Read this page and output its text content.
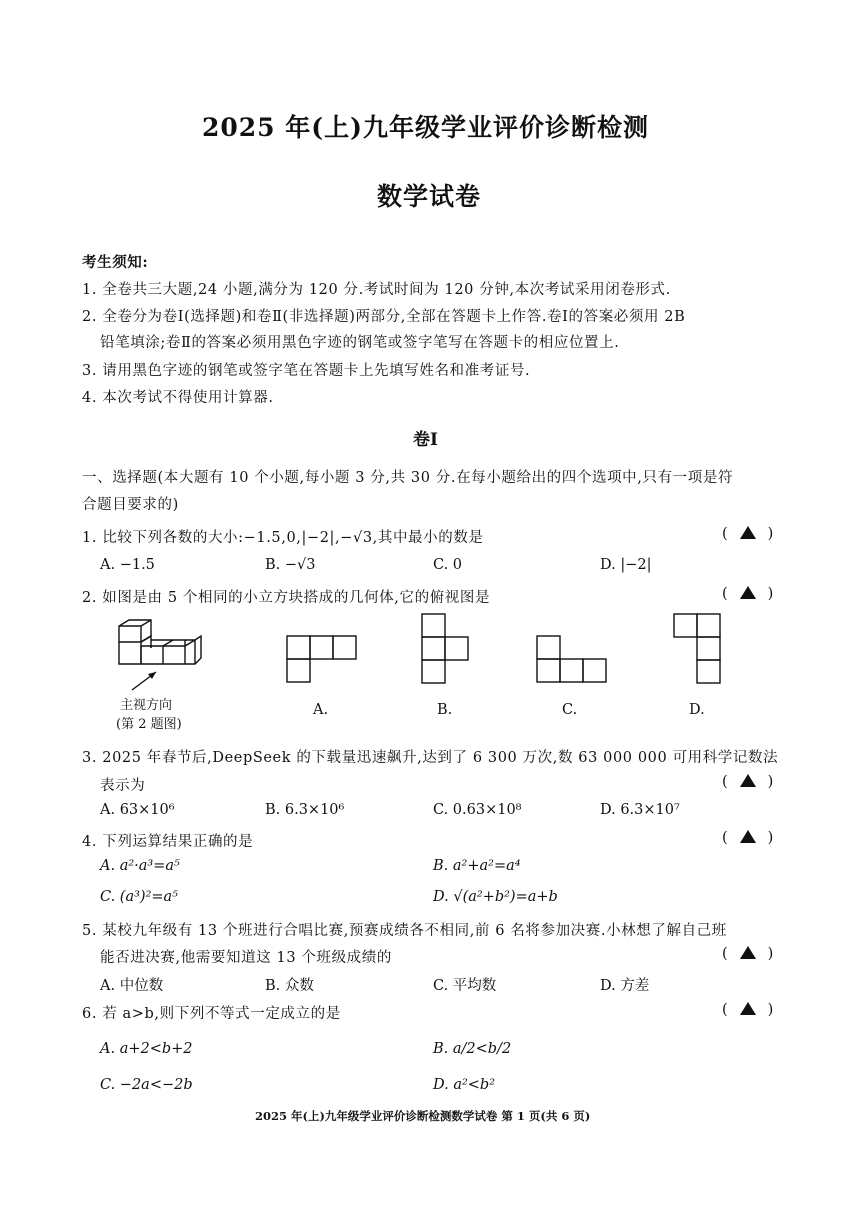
2025 年(上)九年级学业评价诊断检测
数学试卷
考生须知:
1. 全卷共三大题,24 小题,满分为 120 分.考试时间为 120 分钟,本次考试采用闭卷形式.
2. 全卷分为卷Ⅰ(选择题)和卷Ⅱ(非选择题)两部分,全部在答题卡上作答.卷Ⅰ的答案必须用 2B
铅笔填涂;卷Ⅱ的答案必须用黑色字迹的钢笔或签字笔写在答题卡的相应位置上.
3. 请用黑色字迹的钢笔或签字笔在答题卡上先填写姓名和准考证号.
4. 本次考试不得使用计算器.
卷Ⅰ
一、选择题(本大题有 10 个小题,每小题 3 分,共 30 分.在每小题给出的四个选项中,只有一项是符
合题目要求的)
1. 比较下列各数的大小:−1.5,0,|−2|,−√3,其中最小的数是	(	)
A. −1.5	B. −√3	C. 0	D. |−2|
2. 如图是由 5 个相同的小立方块搭成的几何体,它的俯视图是	(	)
主视方向
(第 2 题图)
A.	B.	C.	D.
3. 2025 年春节后,DeepSeek 的下载量迅速飙升,达到了 6 300 万次,数 63 000 000 可用科学记数法
表示为	(	)
A. 63×10⁶	B. 6.3×10⁶	C. 0.63×10⁸	D. 6.3×10⁷
4. 下列运算结果正确的是	(	)
A. a²·a³=a⁵	B. a²+a²=a⁴
C. (a³)²=a⁵	D. √(a²+b²)=a+b
5. 某校九年级有 13 个班进行合唱比赛,预赛成绩各不相同,前 6 名将参加决赛.小林想了解自己班
能否进决赛,他需要知道这 13 个班级成绩的	(	)
A. 中位数	B. 众数	C. 平均数	D. 方差
6. 若 a>b,则下列不等式一定成立的是	(	)
A. a+2<b+2	B. a/2<b/2
C. −2a<−2b	D. a²<b²
2025 年(上)九年级学业评价诊断检测数学试卷 第 1 页(共 6 页)
